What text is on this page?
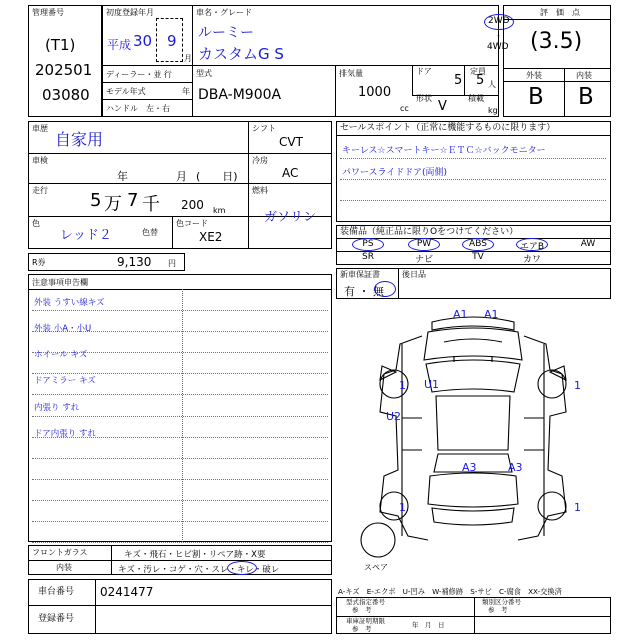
管理番号
(T1)
202501
03080
初度登録年月
平成 30 9
月
ディーラー・並 行
モデル年式	年
ハンドル　左・右
車名・グレード
ルーミー
カスタムG S
2WD
・
4WD
型式
DBA-M900A
排気量
1000
cc
ドア
5
定員
5 人
形状
V
積載
kg
評　価　点
(3.5)
外装	内装
B B
車歴
自家用
車検
年	月 (　　日)
走行 5 万 7 千 200 km
色
レッド２	色替
色コード
XE2
シフト
CVT
冷房
AC
燃料
ガソリン
セールスポイント（正常に機能するものに限ります）
キーレス☆スマートキー☆ＥＴＣ☆バックモニター
パワースライドドア(両側)
装備品（純正品に限りOをつけてください）
PS	PW	ABS	エアB	AW
SR	ナビ	TV	カワ
R券	9,130 円
新車保証書
有 ・ 無
後日品
注意事項申告欄
外装 うすい線キズ
外装 小A・小U
ホイール キズ
ドアミラー キズ
内張り すれ
ドア内張り すれ
A1 A1
1 U1	1
U2
A3	A3
1	1
スペア
A-キズ　E-エクボ　U-凹み　W-補修跡　S-サビ　C-腐食　XX-交換済
フロントガラス	キズ・飛石・ヒビ割・リペア跡・X要
内装	キズ・汚レ・コゲ・穴・スレ・キレ・破レ
車台番号 0241477
登録番号
型式指定番号
参　考
類別区分番号
参　考
車庫証明期限
参　考	年　月　日
